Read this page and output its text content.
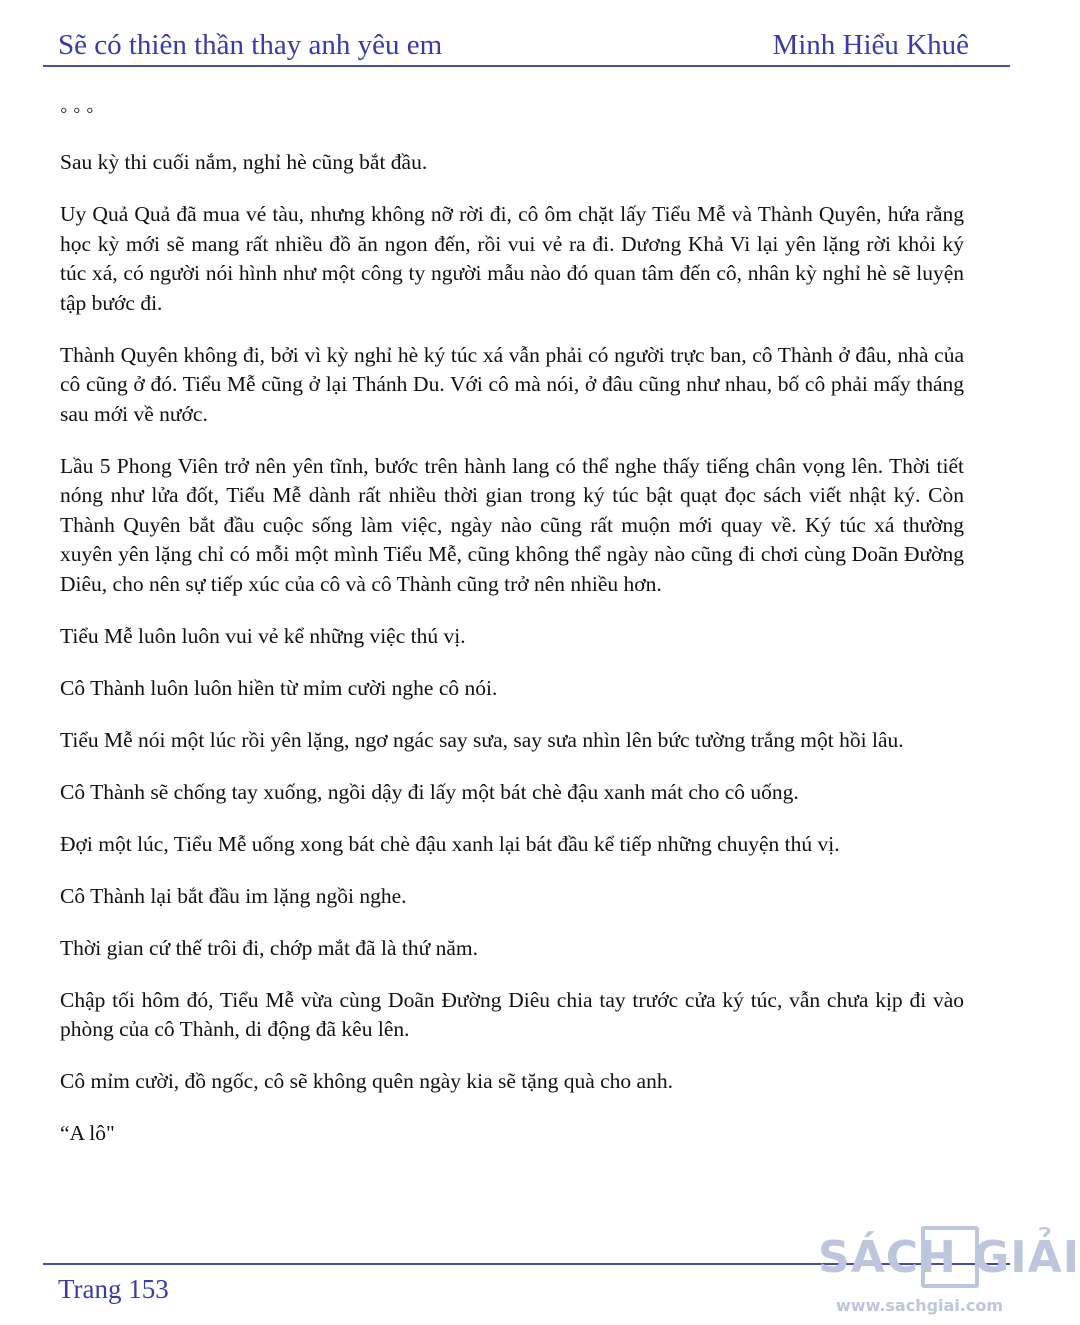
Sẽ có thiên thần thay anh yêu em	Minh Hiểu Khuê

◦ ◦ ◦

Sau kỳ thi cuối nắm, nghỉ hè cũng bắt đầu.

Uy Quả Quả đã mua vé tàu, nhưng không nỡ rời đi, cô ôm chặt lấy Tiểu Mễ và Thành Quyên, hứa rằng học kỳ mới sẽ mang rất nhiều đồ ăn ngon đến, rồi vui vẻ ra đi. Dương Khả Vi lại yên lặng rời khỏi ký túc xá, có người nói hình như một công ty người mẫu nào đó quan tâm đến cô, nhân kỳ nghỉ hè sẽ luyện tập bước đi.

Thành Quyên không đi, bởi vì kỳ nghỉ hè ký túc xá vẫn phải có người trực ban, cô Thành ở đâu, nhà của cô cũng ở đó. Tiểu Mễ cũng ở lại Thánh Du. Với cô mà nói, ở đâu cũng như nhau, bố cô phải mấy tháng sau mới về nước.

Lầu 5 Phong Viên trở nên yên tĩnh, bước trên hành lang có thể nghe thấy tiếng chân vọng lên. Thời tiết nóng như lửa đốt, Tiểu Mễ dành rất nhiều thời gian trong ký túc bật quạt đọc sách viết nhật ký. Còn Thành Quyên bắt đầu cuộc sống làm việc, ngày nào cũng rất muộn mới quay về. Ký túc xá thường xuyên yên lặng chỉ có mỗi một mình Tiểu Mễ, cũng không thể ngày nào cũng đi chơi cùng Doãn Đường Diêu, cho nên sự tiếp xúc của cô và cô Thành cũng trở nên nhiều hơn.

Tiểu Mễ luôn luôn vui vẻ kể những việc thú vị.

Cô Thành luôn luôn hiền từ mỉm cười nghe cô nói.

Tiểu Mễ nói một lúc rồi yên lặng, ngơ ngác say sưa, say sưa nhìn lên bức tường trắng một hồi lâu.

Cô Thành sẽ chống tay xuống, ngồi dậy đi lấy một bát chè đậu xanh mát cho cô uống.

Đợi một lúc, Tiểu Mễ uống xong bát chè đậu xanh lại bát đầu kể tiếp những chuyện thú vị.

Cô Thành lại bắt đầu im lặng ngồi nghe.

Thời gian cứ thế trôi đi, chớp mắt đã là thứ năm.

Chập tối hôm đó, Tiểu Mễ vừa cùng Doãn Đường Diêu chia tay trước cửa ký túc, vẫn chưa kịp đi vào phòng của cô Thành, di động đã kêu lên.

Cô mỉm cười, đồ ngốc, cô sẽ không quên ngày kia sẽ tặng quà cho anh.

“A lô"

Trang 153
SÁCH GIẢI
www.sachgiai.com
